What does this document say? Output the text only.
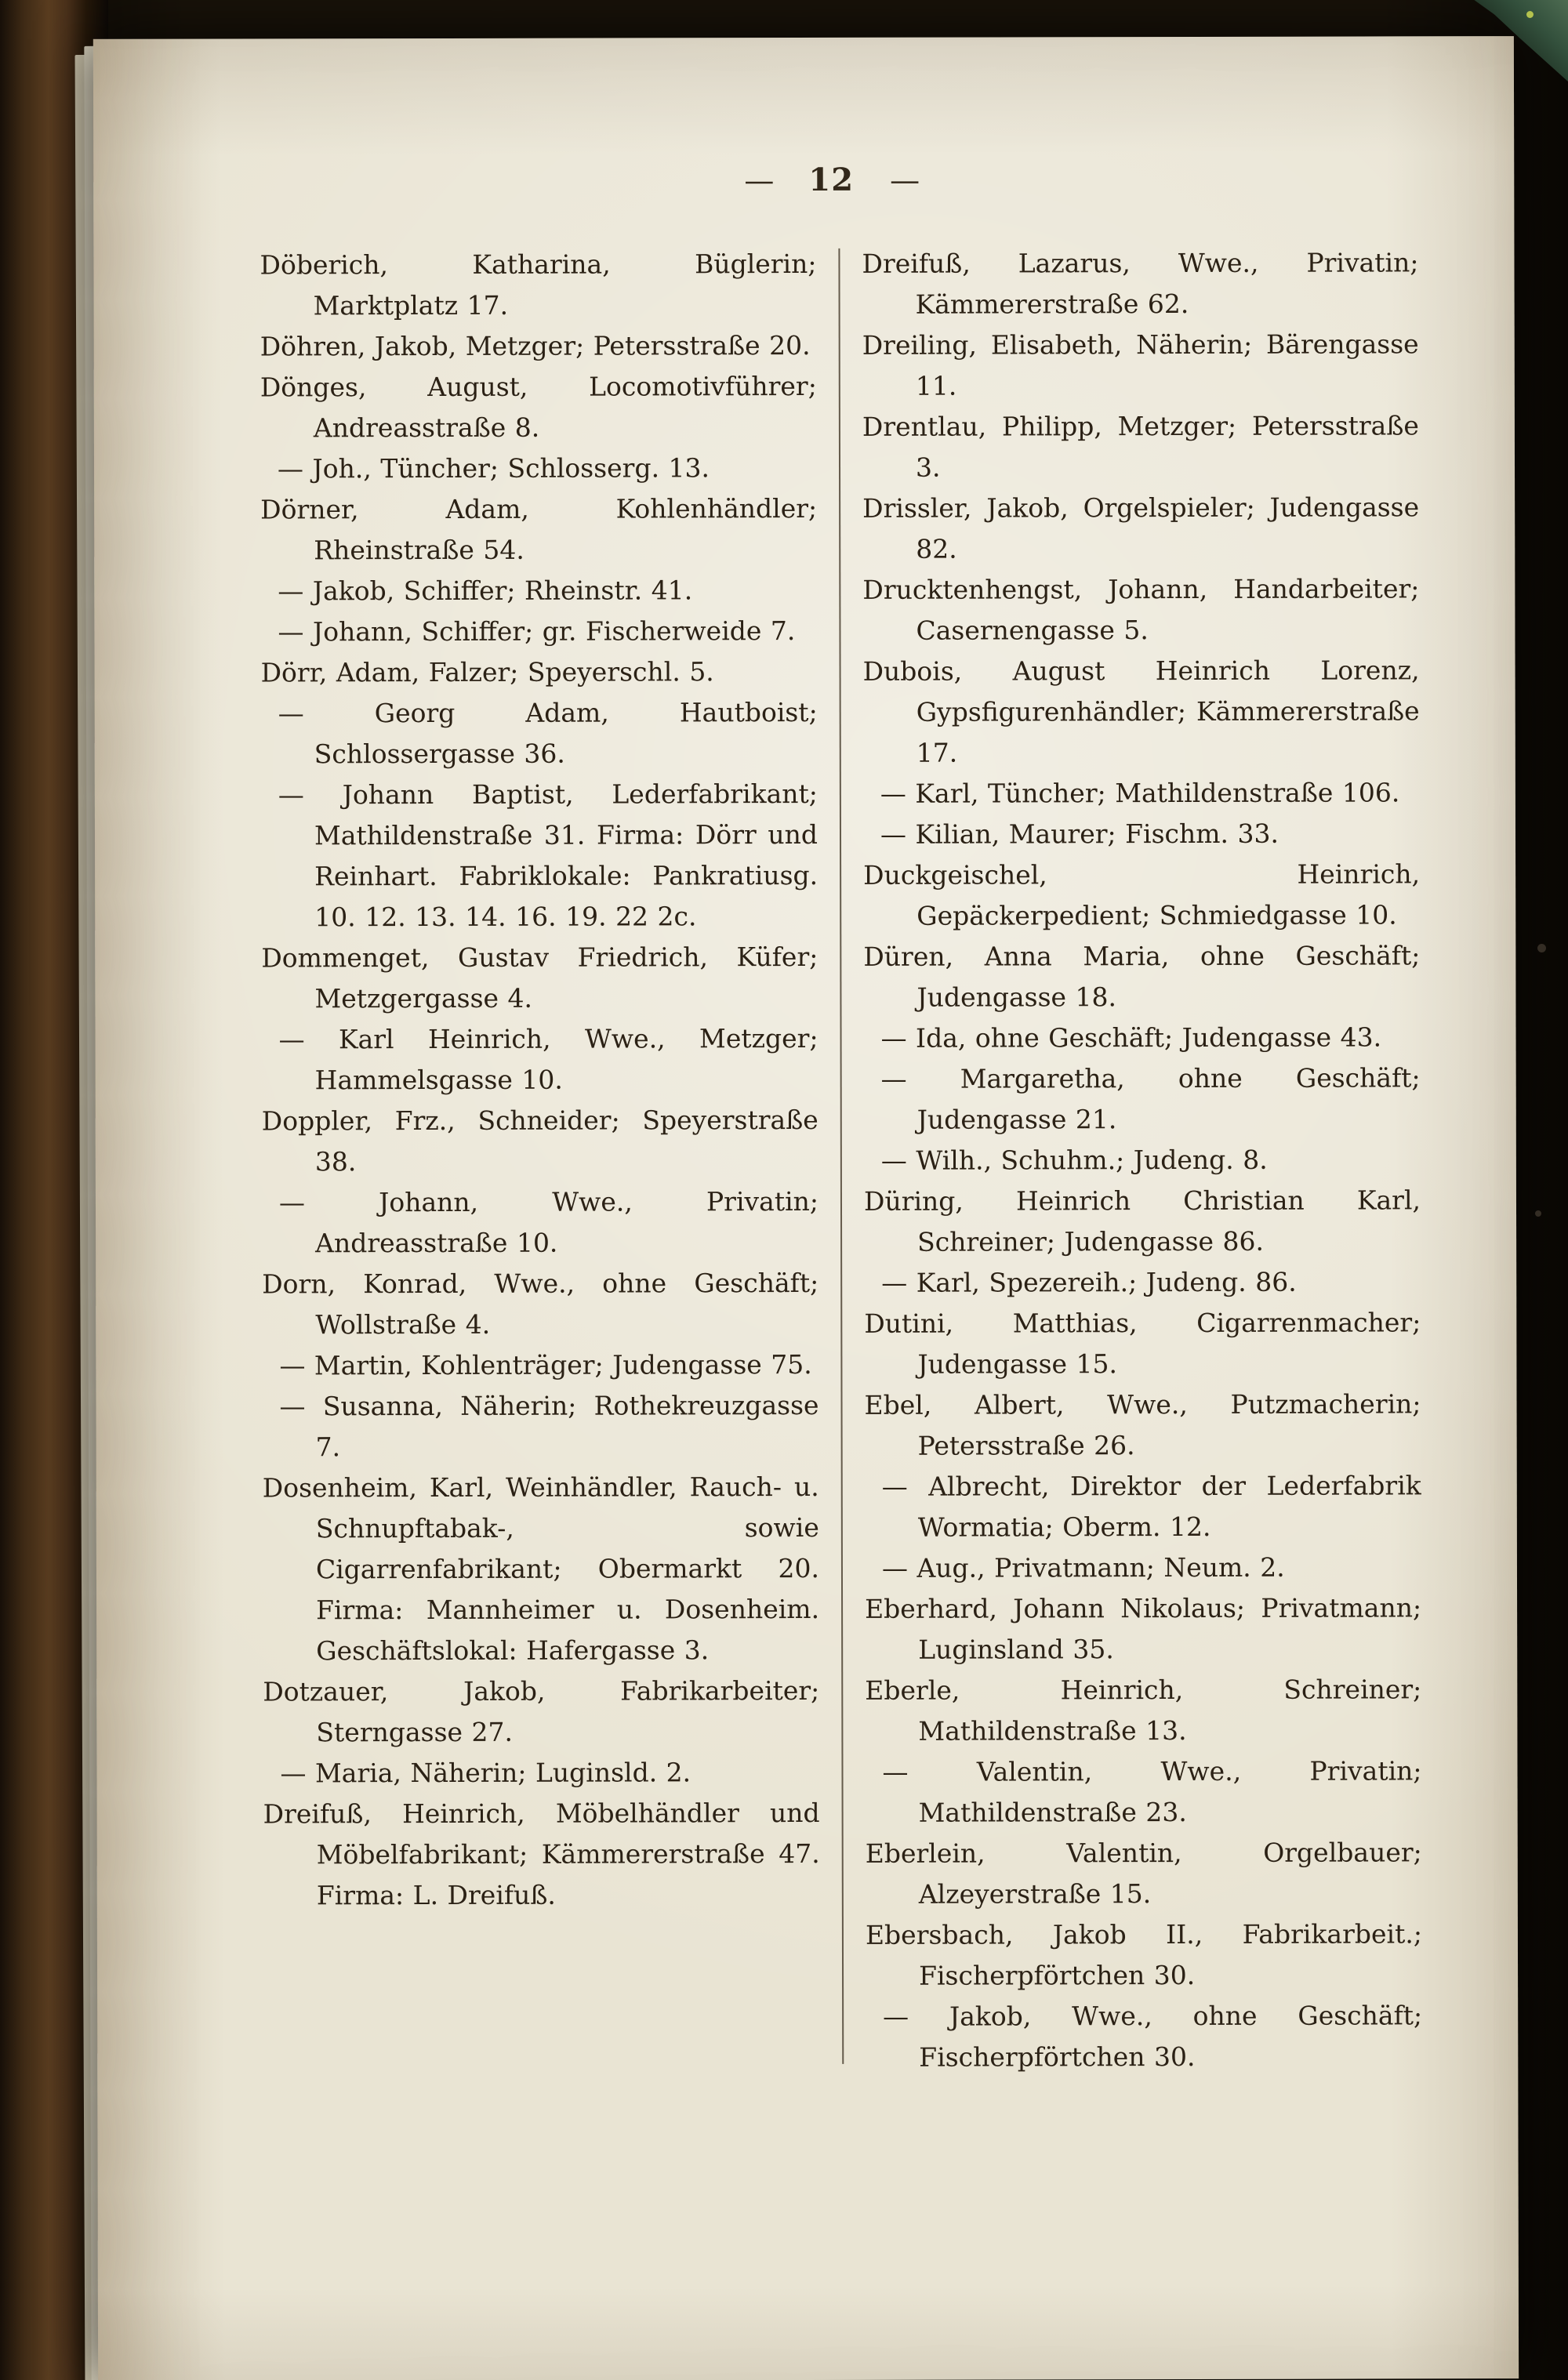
— 12 —

Döberich, Katharina, Büglerin; Marktplatz 17.

Döhren, Jakob, Metzger; Petersstraße 20.

Dönges, August, Locomotivführer; Andreasstraße 8.

— Joh., Tüncher; Schlosserg. 13.

Dörner, Adam, Kohlenhändler; Rheinstraße 54.

— Jakob, Schiffer; Rheinstr. 41.

— Johann, Schiffer; gr. Fischerweide 7.

Dörr, Adam, Falzer; Speyerschl. 5.

— Georg Adam, Hautboist; Schlossergasse 36.

— Johann Baptist, Lederfabrikant; Mathildenstraße 31. Firma: Dörr und Reinhart. Fabriklokale: Pankratiusg. 10. 12. 13. 14. 16. 19. 22 2c.

Dommenget, Gustav Friedrich, Küfer; Metzgergasse 4.

— Karl Heinrich, Wwe., Metzger; Hammelsgasse 10.

Doppler, Frz., Schneider; Speyerstraße 38.

— Johann, Wwe., Privatin; Andreasstraße 10.

Dorn, Konrad, Wwe., ohne Geschäft; Wollstraße 4.

— Martin, Kohlenträger; Judengasse 75.

— Susanna, Näherin; Rothekreuzgasse 7.

Dosenheim, Karl, Weinhändler, Rauch- u. Schnupftabak-, sowie Cigarrenfabrikant; Obermarkt 20. Firma: Mannheimer u. Dosenheim. Geschäftslokal: Hafergasse 3.

Dotzauer, Jakob, Fabrikarbeiter; Sterngasse 27.

— Maria, Näherin; Luginsld. 2.

Dreifuß, Heinrich, Möbelhändler und Möbelfabrikant; Kämmererstraße 47. Firma: L. Dreifuß.

Dreifuß, Lazarus, Wwe., Privatin; Kämmererstraße 62.

Dreiling, Elisabeth, Näherin; Bärengasse 11.

Drentlau, Philipp, Metzger; Petersstraße 3.

Drissler, Jakob, Orgelspieler; Judengasse 82.

Drucktenhengst, Johann, Handarbeiter; Casernengasse 5.

Dubois, August Heinrich Lorenz, Gypsfigurenhändler; Kämmererstraße 17.

— Karl, Tüncher; Mathildenstraße 106.

— Kilian, Maurer; Fischm. 33.

Duckgeischel, Heinrich, Gepäckerpedient; Schmiedgasse 10.

Düren, Anna Maria, ohne Geschäft; Judengasse 18.

— Ida, ohne Geschäft; Judengasse 43.

— Margaretha, ohne Geschäft; Judengasse 21.

— Wilh., Schuhm.; Judeng. 8.

Düring, Heinrich Christian Karl, Schreiner; Judengasse 86.

— Karl, Spezereih.; Judeng. 86.

Dutini, Matthias, Cigarrenmacher; Judengasse 15.

Ebel, Albert, Wwe., Putzmacherin; Petersstraße 26.

— Albrecht, Direktor der Lederfabrik Wormatia; Oberm. 12.

— Aug., Privatmann; Neum. 2.

Eberhard, Johann Nikolaus; Privatmann; Luginsland 35.

Eberle, Heinrich, Schreiner; Mathildenstraße 13.

— Valentin, Wwe., Privatin; Mathildenstraße 23.

Eberlein, Valentin, Orgelbauer; Alzeyerstraße 15.

Ebersbach, Jakob II., Fabrikarbeit.; Fischerpförtchen 30.

— Jakob, Wwe., ohne Geschäft; Fischerpförtchen 30.
